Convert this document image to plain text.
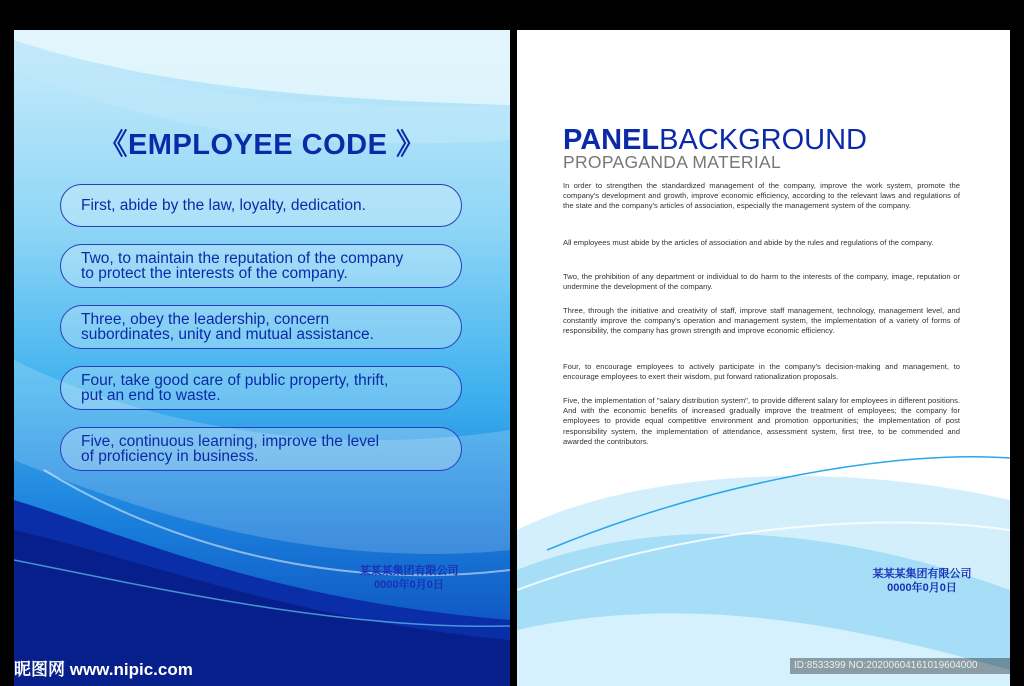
《EMPLOYEE CODE 》
First, abide by the law, loyalty, dedication.
Two, to maintain the reputation of the company
to protect the interests of the company.
Three, obey the leadership, concern
subordinates, unity and mutual assistance.
Four, take good care of public property, thrift,
put an end to waste.
Five, continuous learning, improve the level
of proficiency in business.
某某某集团有限公司
0000年0月0日
PANELBACKGROUND
PROPAGANDA MATERIAL
In order to strengthen the standardized management of the company, improve the work system, promote the company's development and growth, improve economic efficiency, according to the relevant laws and regulations of the state and the company's articles of association, especially the management system of the company.
All employees must abide by the articles of association and abide by the rules and regulations of the company.
Two, the prohibition of any department or individual to do harm to the interests of the company, image, reputation or undermine the development of the company.
Three, through the initiative and creativity of staff, improve staff management, technology, management level, and constantly improve the company's operation and management system, the implementation of a variety of forms of responsibility, the company has grown strength and improve economic efficiency.
Four, to encourage employees to actively participate in the company's decision-making and management, to encourage employees to exert their wisdom, put forward rationalization proposals.
Five, the implementation of "salary distribution system", to provide different salary for employees in different positions. And with the economic benefits of increased gradually improve the treatment of employees; the company for employees to provide equal competitive environment and promotion opportunities; the implementation of post responsibility system, the implementation of attendance, assessment system, first tree, to be commended and awarded the contributors.
某某某集团有限公司
0000年0月0日
昵图网 www.nipic.com	ID:8533399 NO:20200604161019604000
